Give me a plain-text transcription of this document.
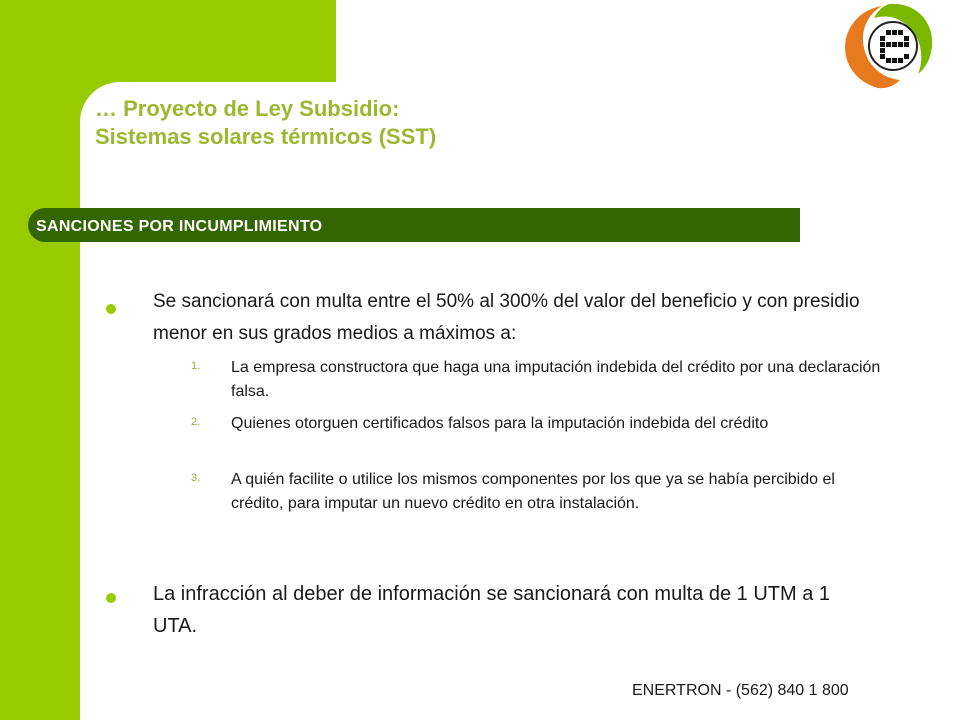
… Proyecto de Ley Subsidio:
Sistemas solares térmicos (SST)
SANCIONES POR INCUMPLIMIENTO

Se sancionará con multa entre el 50% al 300% del valor del beneficio y con presidio menor en sus grados medios a máximos a:

1. La empresa constructora que haga una imputación indebida del crédito por una declaración falsa.

2. Quienes otorguen certificados falsos para la imputación indebida del crédito

3. A quién facilite o utilice los mismos componentes por los que ya se había percibido el crédito, para imputar un nuevo crédito en otra instalación.

La infracción al deber de información se sancionará con multa de 1 UTM a 1 UTA.

ENERTRON - (562) 840 1 800
